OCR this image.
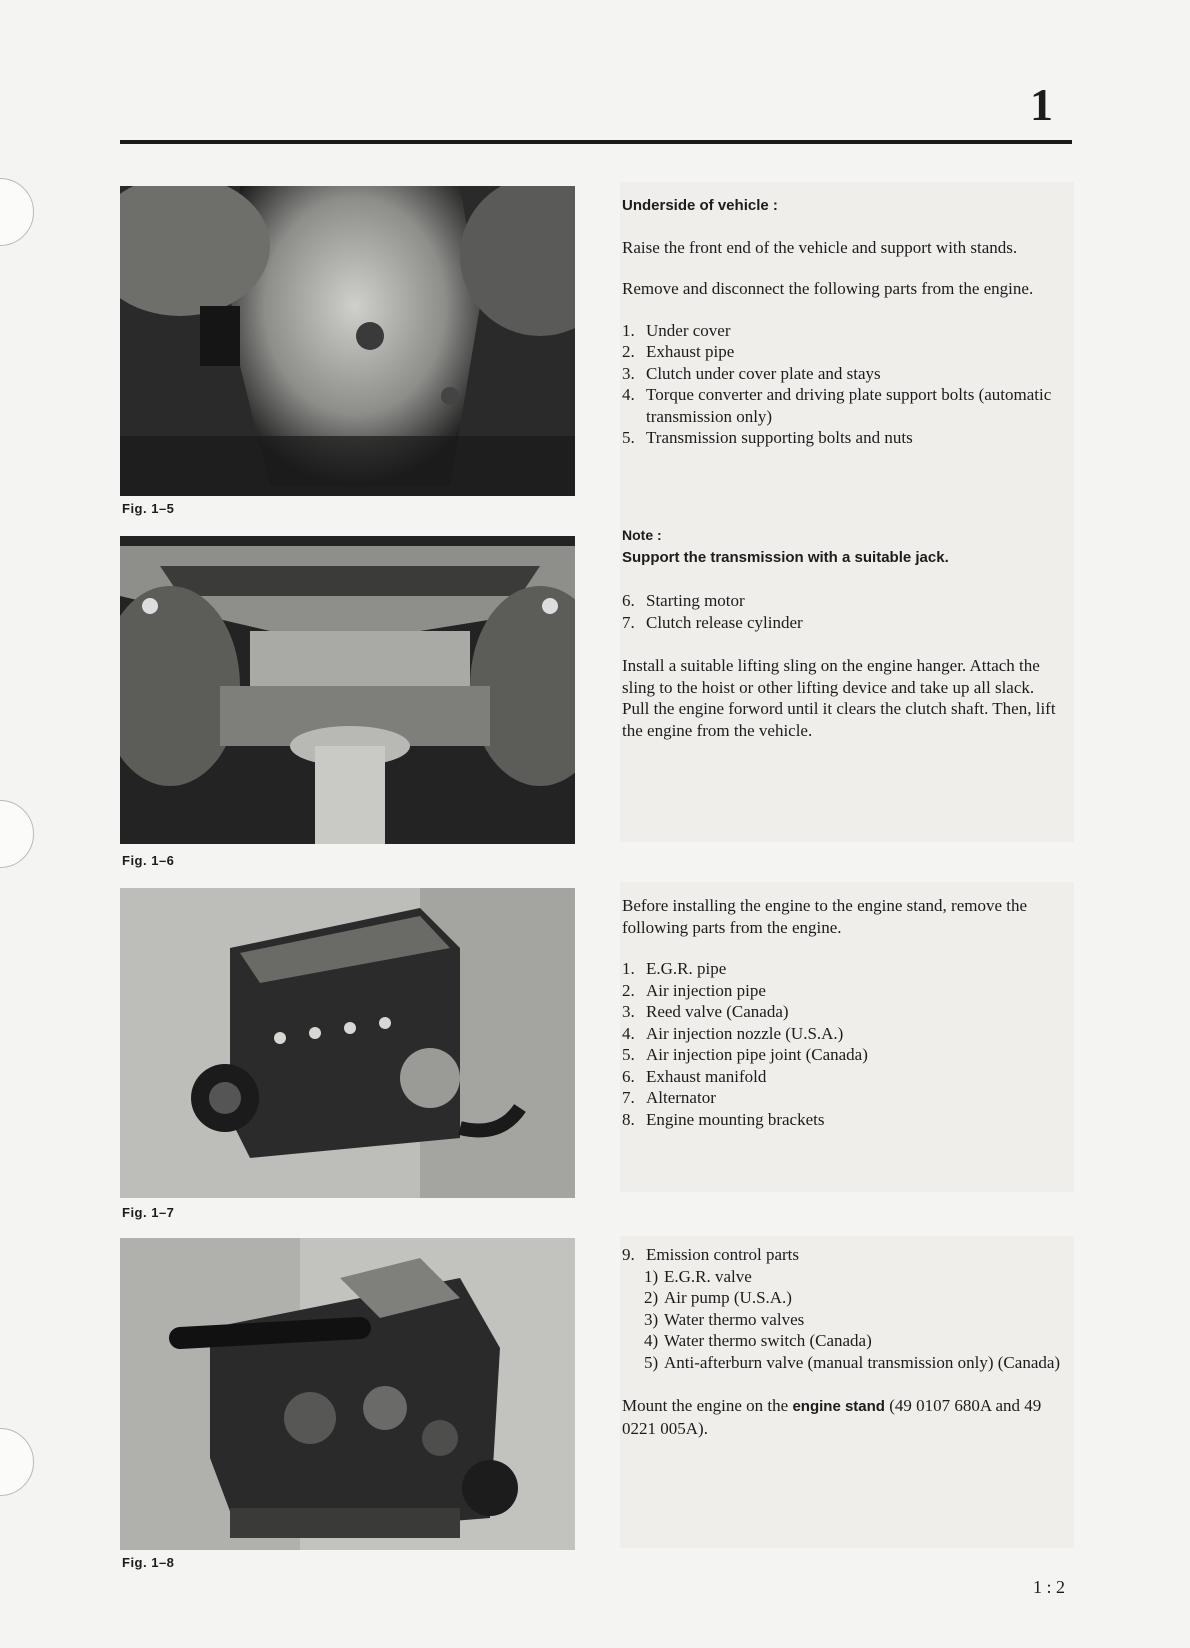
1
Fig. 1–5
Fig. 1–6
Fig. 1–7
Fig. 1–8

Underside of vehicle :

Raise the front end of the vehicle and support with stands.

Remove and disconnect the following parts from the engine.

1. Under cover
2. Exhaust pipe
3. Clutch under cover plate and stays
4. Torque converter and driving plate support bolts (automatic transmission only)
5. Transmission supporting bolts and nuts

Note :

Support the transmission with a suitable jack.

6. Starting motor
7. Clutch release cylinder

Install a suitable lifting sling on the engine hanger. Attach the sling to the hoist or other lifting device and take up all slack.

Pull the engine forword until it clears the clutch shaft. Then, lift the engine from the vehicle.

Before installing the engine to the engine stand, remove the following parts from the engine.

1. E.G.R. pipe
2. Air injection pipe
3. Reed valve (Canada)
4. Air injection nozzle (U.S.A.)
5. Air injection pipe joint (Canada)
6. Exhaust manifold
7. Alternator
8. Engine mounting brackets
9. Emission control parts
1) E.G.R. valve
2) Air pump (U.S.A.)
3) Water thermo valves
4) Water thermo switch (Canada)
5) Anti-afterburn valve (manual transmission only) (Canada)

Mount the engine on the engine stand (49 0107 680A and 49 0221 005A).

1 : 2
